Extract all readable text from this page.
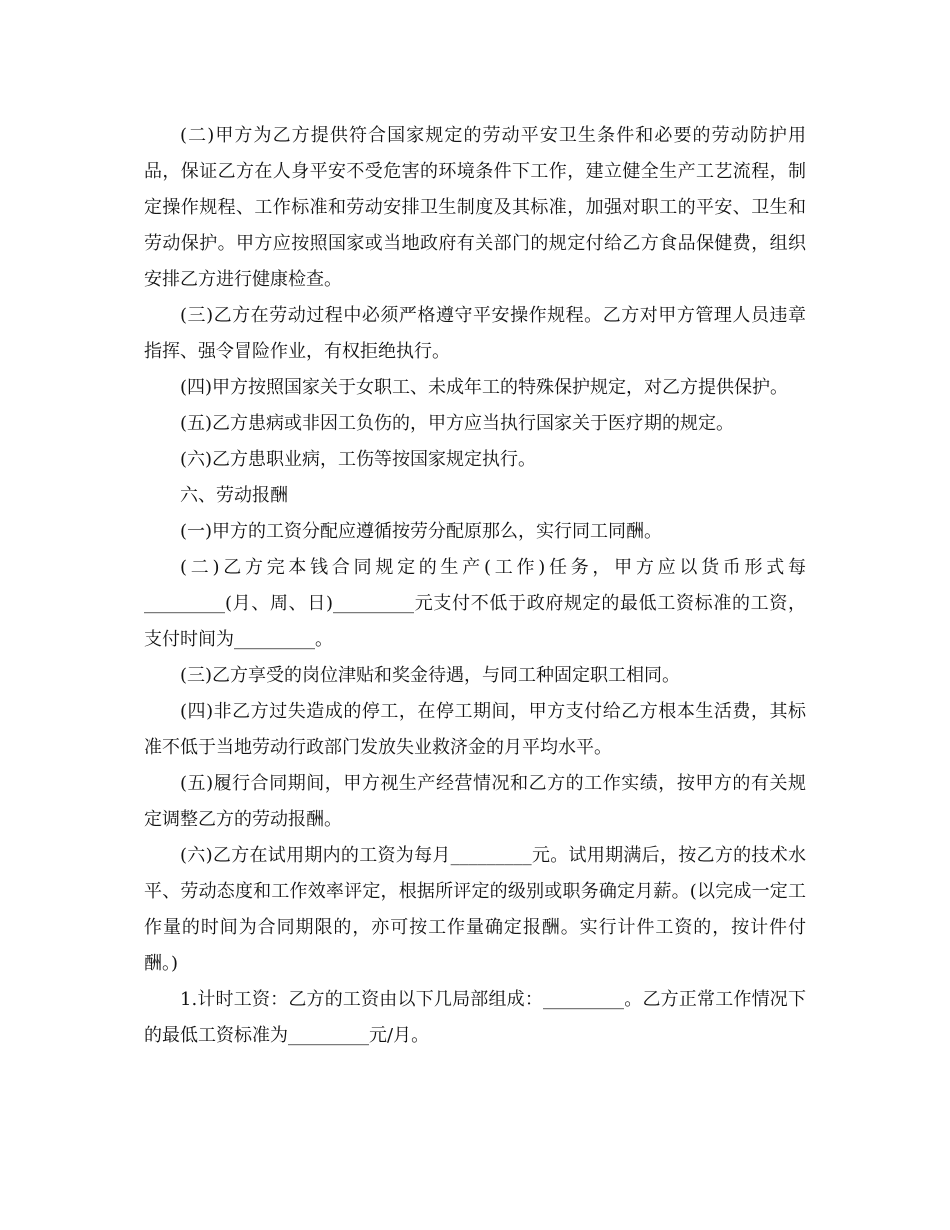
(二)甲方为乙方提供符合国家规定的劳动平安卫生条件和必要的劳动防护用品，保证乙方在人身平安不受危害的环境条件下工作，建立健全生产工艺流程，制定操作规程、工作标准和劳动安排卫生制度及其标准，加强对职工的平安、卫生和劳动保护。甲方应按照国家或当地政府有关部门的规定付给乙方食品保健费，组织安排乙方进行健康检查。

(三)乙方在劳动过程中必须严格遵守平安操作规程。乙方对甲方管理人员违章指挥、强令冒险作业，有权拒绝执行。

(四)甲方按照国家关于女职工、未成年工的特殊保护规定，对乙方提供保护。

(五)乙方患病或非因工负伤的，甲方应当执行国家关于医疗期的规定。

(六)乙方患职业病，工伤等按国家规定执行。

六、劳动报酬

(一)甲方的工资分配应遵循按劳分配原那么，实行同工同酬。

(二)乙方完本钱合同规定的生产(工作)任务，甲方应以货币形式每_________(月、周、日)_________元支付不低于政府规定的最低工资标准的工资，支付时间为_________。

(三)乙方享受的岗位津贴和奖金待遇，与同工种固定职工相同。

(四)非乙方过失造成的停工，在停工期间，甲方支付给乙方根本生活费，其标准不低于当地劳动行政部门发放失业救济金的月平均水平。

(五)履行合同期间，甲方视生产经营情况和乙方的工作实绩，按甲方的有关规定调整乙方的劳动报酬。

(六)乙方在试用期内的工资为每月_________元。试用期满后，按乙方的技术水平、劳动态度和工作效率评定，根据所评定的级别或职务确定月薪。(以完成一定工作量的时间为合同期限的，亦可按工作量确定报酬。实行计件工资的，按计件付酬。)

1.计时工资：乙方的工资由以下几局部组成：_________。乙方正常工作情况下的最低工资标准为_________元/月。
